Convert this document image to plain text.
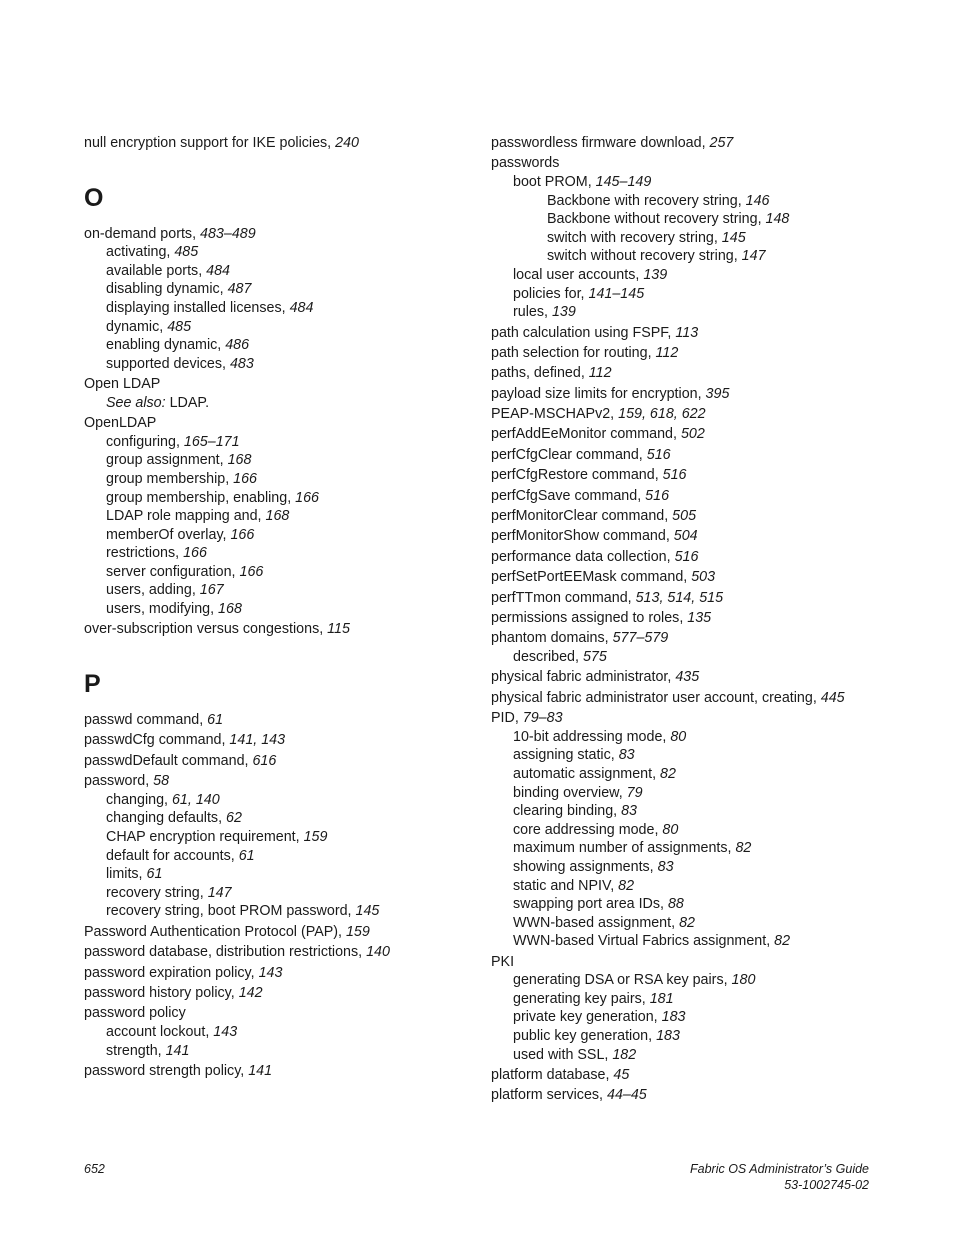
null encryption support for IKE policies, 240
O
on-demand ports, 483–489
activating, 485
available ports, 484
disabling dynamic, 487
displaying installed licenses, 484
dynamic, 485
enabling dynamic, 486
supported devices, 483
Open LDAP
See also: LDAP.
OpenLDAP
configuring, 165–171
group assignment, 168
group membership, 166
group membership, enabling, 166
LDAP role mapping and, 168
memberOf overlay, 166
restrictions, 166
server configuration, 166
users, adding, 167
users, modifying, 168
over-subscription versus congestions, 115
P
passwd command, 61
passwdCfg command, 141, 143
passwdDefault command, 616
password, 58
changing, 61, 140
changing defaults, 62
CHAP encryption requirement, 159
default for accounts, 61
limits, 61
recovery string, 147
recovery string, boot PROM password, 145
Password Authentication Protocol (PAP), 159
password database, distribution restrictions, 140
password expiration policy, 143
password history policy, 142
password policy
account lockout, 143
strength, 141
password strength policy, 141
passwordless firmware download, 257
passwords
boot PROM, 145–149
Backbone with recovery string, 146
Backbone without recovery string, 148
switch with recovery string, 145
switch without recovery string, 147
local user accounts, 139
policies for, 141–145
rules, 139
path calculation using FSPF, 113
path selection for routing, 112
paths, defined, 112
payload size limits for encryption, 395
PEAP-MSCHAPv2, 159, 618, 622
perfAddEeMonitor command, 502
perfCfgClear command, 516
perfCfgRestore command, 516
perfCfgSave command, 516
perfMonitorClear command, 505
perfMonitorShow command, 504
performance data collection, 516
perfSetPortEEMask command, 503
perfTTmon command, 513, 514, 515
permissions assigned to roles, 135
phantom domains, 577–579
described, 575
physical fabric administrator, 435
physical fabric administrator user account, creating, 445
PID, 79–83
10-bit addressing mode, 80
assigning static, 83
automatic assignment, 82
binding overview, 79
clearing binding, 83
core addressing mode, 80
maximum number of assignments, 82
showing assignments, 83
static and NPIV, 82
swapping port area IDs, 88
WWN-based assignment, 82
WWN-based Virtual Fabrics assignment, 82
PKI
generating DSA or RSA key pairs, 180
generating key pairs, 181
private key generation, 183
public key generation, 183
used with SSL, 182
platform database, 45
platform services, 44–45
652	Fabric OS Administrator’s Guide
53-1002745-02
